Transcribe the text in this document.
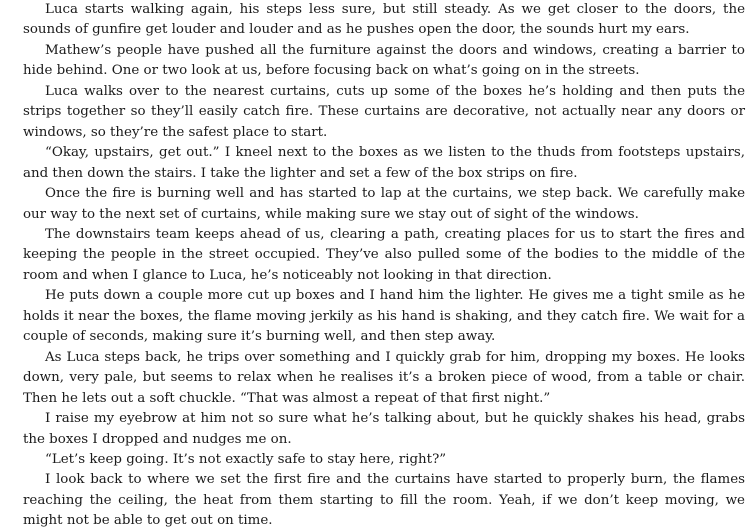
Luca starts walking again, his steps less sure, but still steady. As we get closer to the doors, the sounds of gunfire get louder and louder and as he pushes open the door, the sounds hurt my ears.

Mathew’s people have pushed all the furniture against the doors and windows, creating a barrier to hide behind. One or two look at us, before focusing back on what’s going on in the streets.

Luca walks over to the nearest curtains, cuts up some of the boxes he’s holding and then puts the strips together so they’ll easily catch fire. These curtains are decorative, not actually near any doors or windows, so they’re the safest place to start.

“Okay, upstairs, get out.” I kneel next to the boxes as we listen to the thuds from footsteps upstairs, and then down the stairs. I take the lighter and set a few of the box strips on fire.

Once the fire is burning well and has started to lap at the curtains, we step back. We carefully make our way to the next set of curtains, while making sure we stay out of sight of the windows.

The downstairs team keeps ahead of us, clearing a path, creating places for us to start the fires and keeping the people in the street occupied. They’ve also pulled some of the bodies to the middle of the room and when I glance to Luca, he’s noticeably not looking in that direction.

He puts down a couple more cut up boxes and I hand him the lighter. He gives me a tight smile as he holds it near the boxes, the flame moving jerkily as his hand is shaking, and they catch fire. We wait for a couple of seconds, making sure it’s burning well, and then step away.

As Luca steps back, he trips over something and I quickly grab for him, dropping my boxes. He looks down, very pale, but seems to relax when he realises it’s a broken piece of wood, from a table or chair. Then he lets out a soft chuckle. “That was almost a repeat of that first night.”

I raise my eyebrow at him not so sure what he’s talking about, but he quickly shakes his head, grabs the boxes I dropped and nudges me on.

“Let’s keep going. It’s not exactly safe to stay here, right?”

I look back to where we set the first fire and the curtains have started to properly burn, the flames reaching the ceiling, the heat from them starting to fill the room. Yeah, if we don’t keep moving, we might not be able to get out on time.
